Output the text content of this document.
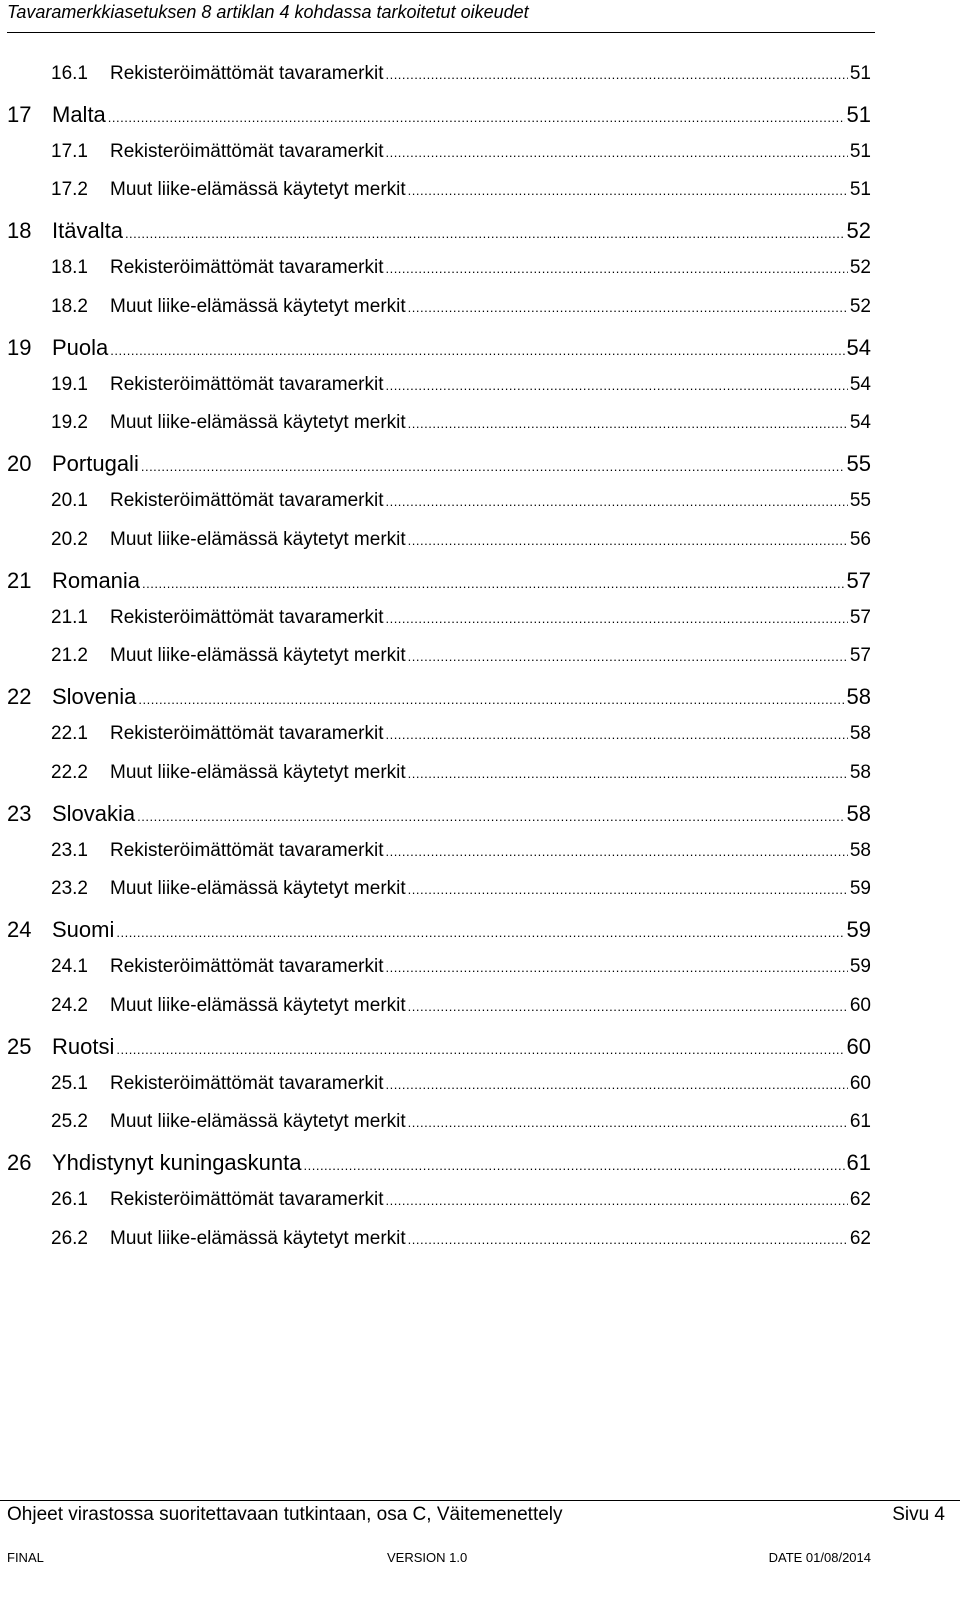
Tavaramerkkiasetuksen 8 artiklan 4 kohdassa tarkoitetut oikeudet
16.1	Rekisteröimättömät tavaramerkit .....	51
17 Malta .....	51
17.1	Rekisteröimättömät tavaramerkit .....	51
17.2	Muut liike-elämässä käytetyt merkit .....	51
18 Itävalta .....	52
18.1	Rekisteröimättömät tavaramerkit .....	52
18.2	Muut liike-elämässä käytetyt merkit .....	52
19 Puola .....	54
19.1	Rekisteröimättömät tavaramerkit .....	54
19.2	Muut liike-elämässä käytetyt merkit .....	54
20 Portugali .....	55
20.1	Rekisteröimättömät tavaramerkit .....	55
20.2	Muut liike-elämässä käytetyt merkit .....	56
21 Romania .....	57
21.1	Rekisteröimättömät tavaramerkit .....	57
21.2	Muut liike-elämässä käytetyt merkit .....	57
22 Slovenia .....	58
22.1	Rekisteröimättömät tavaramerkit .....	58
22.2	Muut liike-elämässä käytetyt merkit .....	58
23 Slovakia .....	58
23.1	Rekisteröimättömät tavaramerkit .....	58
23.2	Muut liike-elämässä käytetyt merkit .....	59
24 Suomi .....	59
24.1	Rekisteröimättömät tavaramerkit .....	59
24.2	Muut liike-elämässä käytetyt merkit .....	60
25 Ruotsi .....	60
25.1	Rekisteröimättömät tavaramerkit .....	60
25.2	Muut liike-elämässä käytetyt merkit .....	61
26 Yhdistynyt kuningaskunta .....	61
26.1	Rekisteröimättömät tavaramerkit .....	62
26.2	Muut liike-elämässä käytetyt merkit .....	62
Ohjeet virastossa suoritettavaan tutkintaan, osa C, Väitemenettely	Sivu 4
FINAL	VERSION 1.0	DATE 01/08/2014
